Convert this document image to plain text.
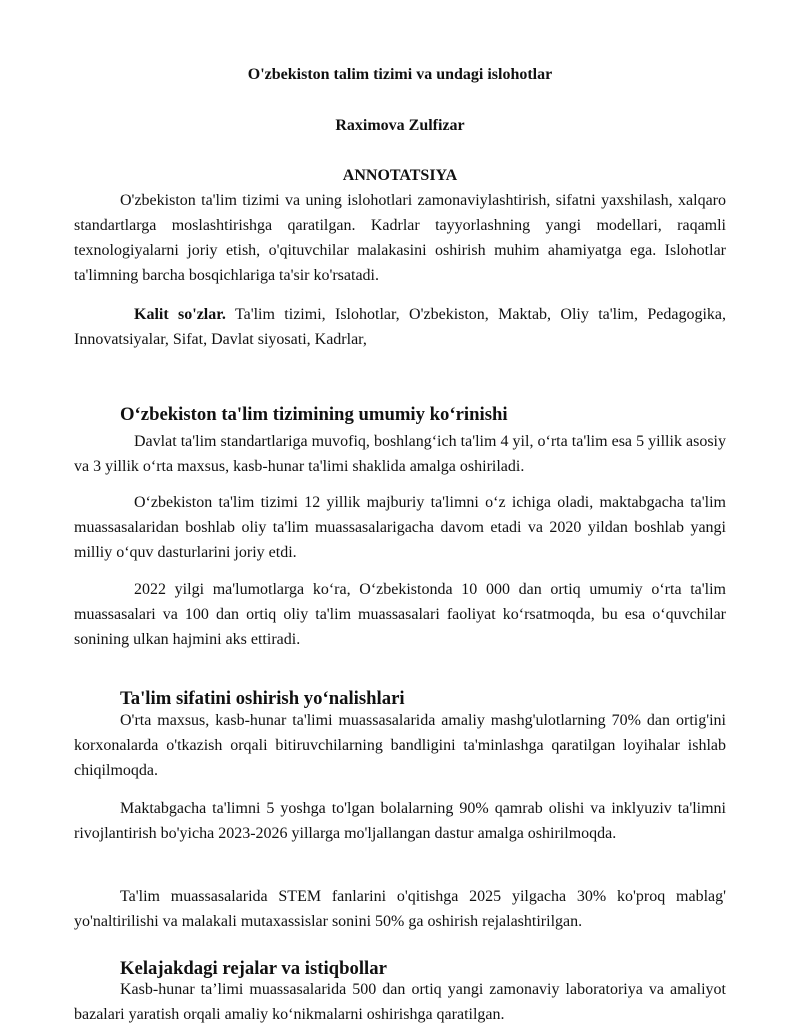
O'zbekiston talim tizimi va undagi islohotlar
Raximova Zulfizar
ANNOTATSIYA

O'zbekiston ta'lim tizimi va uning islohotlari zamonaviylashtirish, sifatni yaxshilash, xalqaro standartlarga moslashtirishga qaratilgan. Kadrlar tayyorlashning yangi modellari, raqamli texnologiyalarni joriy etish, o'qituvchilar malakasini oshirish muhim ahamiyatga ega. Islohotlar ta'limning barcha bosqichlariga ta'sir ko'rsatadi.

Kalit so'zlar. Ta'lim tizimi, Islohotlar, O'zbekiston, Maktab, Oliy ta'lim, Pedagogika, Innovatsiyalar, Sifat, Davlat siyosati, Kadrlar,

O‘zbekiston ta'lim tizimining umumiy ko‘rinishi

Davlat ta'lim standartlariga muvofiq, boshlang‘ich ta'lim 4 yil, o‘rta ta'lim esa 5 yillik asosiy va 3 yillik o‘rta maxsus, kasb-hunar ta'limi shaklida amalga oshiriladi.

O‘zbekiston ta'lim tizimi 12 yillik majburiy ta'limni o‘z ichiga oladi, maktabgacha ta'lim muassasalaridan boshlab oliy ta'lim muassasalarigacha davom etadi va 2020 yildan boshlab yangi milliy o‘quv dasturlarini joriy etdi.

2022 yilgi ma'lumotlarga ko‘ra, O‘zbekistonda 10 000 dan ortiq umumiy o‘rta ta'lim muassasalari va 100 dan ortiq oliy ta'lim muassasalari faoliyat ko‘rsatmoqda, bu esa o‘quvchilar sonining ulkan hajmini aks ettiradi.

Ta'lim sifatini oshirish yo‘nalishlari

O'rta maxsus, kasb-hunar ta'limi muassasalarida amaliy mashg'ulotlarning 70% dan ortig'ini korxonalarda o'tkazish orqali bitiruvchilarning bandligini ta'minlashga qaratilgan loyihalar ishlab chiqilmoqda.

Maktabgacha ta'limni 5 yoshga to'lgan bolalarning 90% qamrab olishi va inklyuziv ta'limni rivojlantirish bo'yicha 2023-2026 yillarga mo'ljallangan dastur amalga oshirilmoqda.

Ta'lim muassasalarida STEM fanlarini o'qitishga 2025 yilgacha 30% ko'proq mablag' yo'naltirilishi va malakali mutaxassislar sonini 50% ga oshirish rejalashtirilgan.

Kelajakdagi rejalar va istiqbollar

Kasb-hunar ta’limi muassasalarida 500 dan ortiq yangi zamonaviy laboratoriya va amaliyot bazalari yaratish orqali amaliy ko‘nikmalarni oshirishga qaratilgan.
